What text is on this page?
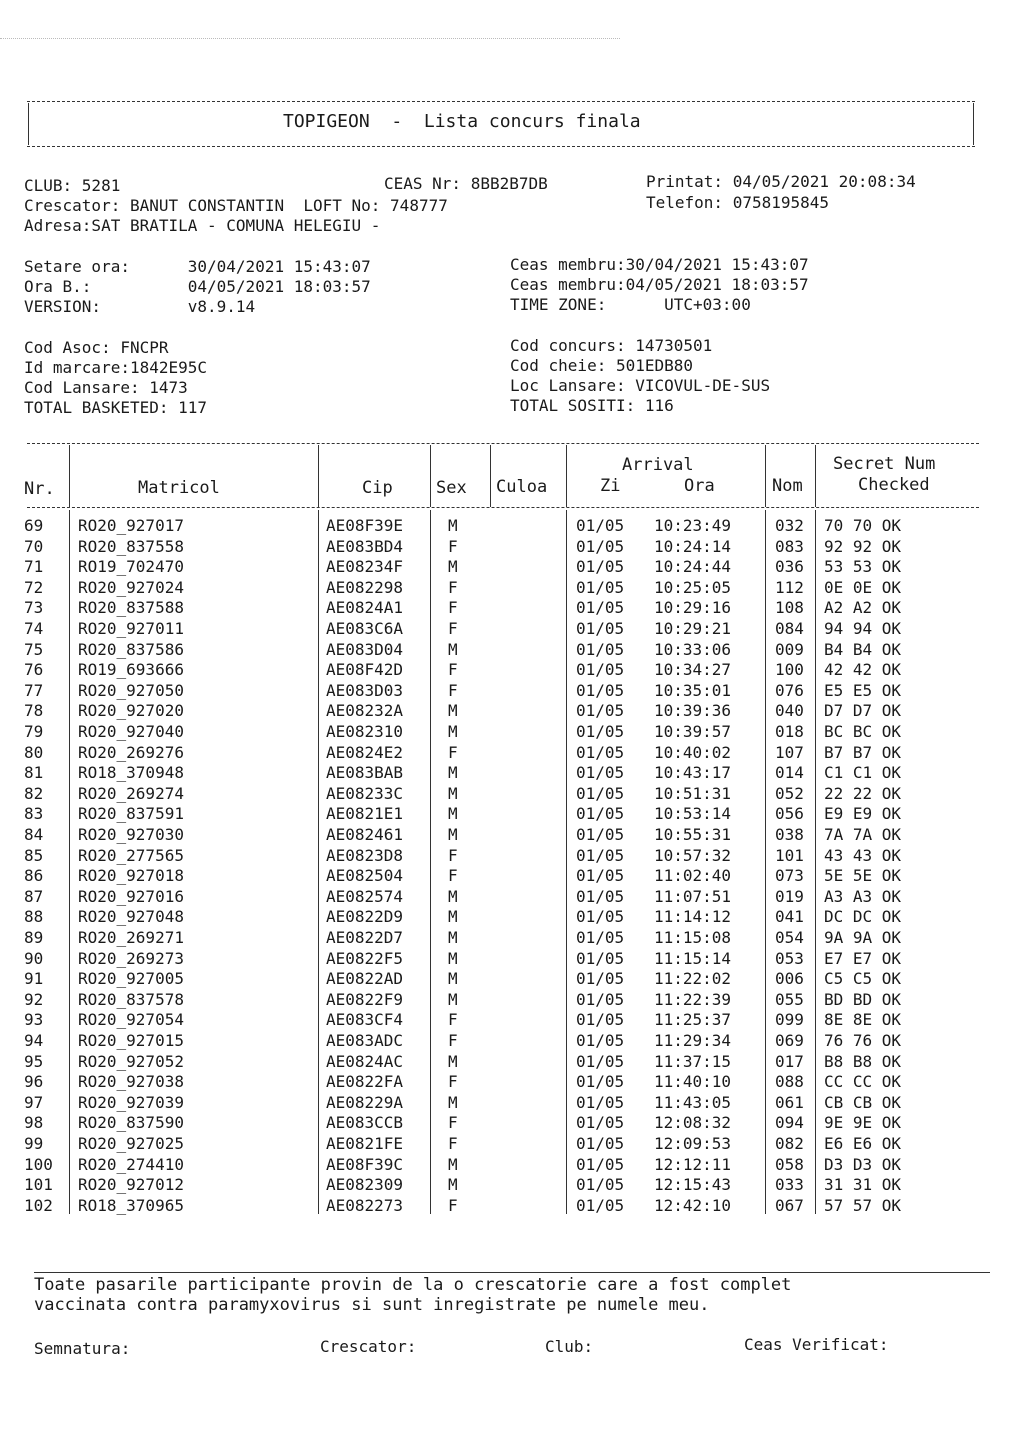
TOPIGEON  -  Lista concurs finala
CLUB: 5281	CEAS Nr: 8BB2B7DB	Printat: 04/05/2021 20:08:34
Crescator: BANUT CONSTANTIN  LOFT No: 748777	Telefon: 0758195845
Adresa:SAT BRATILA - COMUNA HELEGIU -
Setare ora:      30/04/2021 15:43:07
Ora B.:          04/05/2021 18:03:57
VERSION:         v8.9.14
Ceas membru:30/04/2021 15:43:07
Ceas membru:04/05/2021 18:03:57
TIME ZONE:      UTC+03:00
Cod Asoc: FNCPR
Id marcare:1842E95C
Cod Lansare: 1473
TOTAL BASKETED: 117
Cod concurs: 14730501
Cod cheie: 501EDB80
Loc Lansare: VICOVUL-DE-SUS
TOTAL SOSITI: 116
Nr.	Matricol	Cip	Sex Culoa
Arrival
Zi	Ora	Nom
Secret Num
Checked
69 RO20_927017	AE08F39E	M	01/05 10:23:49	032 70 70 OK
70 RO20_837558	AE083BD4	F	01/05 10:24:14	083 92 92 OK
71 RO19_702470	AE08234F	M	01/05 10:24:44	036 53 53 OK
72 RO20_927024	AE082298	F	01/05 10:25:05	112 0E 0E OK
73 RO20_837588	AE0824A1	F	01/05 10:29:16	108 A2 A2 OK
74 RO20_927011	AE083C6A	F	01/05 10:29:21	084 94 94 OK
75 RO20_837586	AE083D04	M	01/05 10:33:06	009 B4 B4 OK
76 RO19_693666	AE08F42D	F	01/05 10:34:27	100 42 42 OK
77 RO20_927050	AE083D03	F	01/05 10:35:01	076 E5 E5 OK
78 RO20_927020	AE08232A	M	01/05 10:39:36	040 D7 D7 OK
79 RO20_927040	AE082310	M	01/05 10:39:57	018 BC BC OK
80 RO20_269276	AE0824E2	F	01/05 10:40:02	107 B7 B7 OK
81 RO18_370948	AE083BAB	M	01/05 10:43:17	014 C1 C1 OK
82 RO20_269274	AE08233C	M	01/05 10:51:31	052 22 22 OK
83 RO20_837591	AE0821E1	M	01/05 10:53:14	056 E9 E9 OK
84 RO20_927030	AE082461	M	01/05 10:55:31	038 7A 7A OK
85 RO20_277565	AE0823D8	F	01/05 10:57:32	101 43 43 OK
86 RO20_927018	AE082504	F	01/05 11:02:40	073 5E 5E OK
87 RO20_927016	AE082574	M	01/05 11:07:51	019 A3 A3 OK
88 RO20_927048	AE0822D9	M	01/05 11:14:12	041 DC DC OK
89 RO20_269271	AE0822D7	M	01/05 11:15:08	054 9A 9A OK
90 RO20_269273	AE0822F5	M	01/05 11:15:14	053 E7 E7 OK
91 RO20_927005	AE0822AD	M	01/05 11:22:02	006 C5 C5 OK
92 RO20_837578	AE0822F9	M	01/05 11:22:39	055 BD BD OK
93 RO20_927054	AE083CF4	F	01/05 11:25:37	099 8E 8E OK
94 RO20_927015	AE083ADC	F	01/05 11:29:34	069 76 76 OK
95 RO20_927052	AE0824AC	M	01/05 11:37:15	017 B8 B8 OK
96 RO20_927038	AE0822FA	F	01/05 11:40:10	088 CC CC OK
97 RO20_927039	AE08229A	M	01/05 11:43:05	061 CB CB OK
98 RO20_837590	AE083CCB	F	01/05 12:08:32	094 9E 9E OK
99 RO20_927025	AE0821FE	F	01/05 12:09:53	082 E6 E6 OK
100 RO20_274410	AE08F39C	M	01/05 12:12:11	058 D3 D3 OK
101 RO20_927012	AE082309	M	01/05 12:15:43	033 31 31 OK
102 RO18_370965	AE082273	F	01/05 12:42:10	067 57 57 OK
Toate pasarile participante provin de la o crescatorie care a fost complet
vaccinata contra paramyxovirus si sunt inregistrate pe numele meu.
Semnatura:	Crescator:	Club:	Ceas Verificat:
